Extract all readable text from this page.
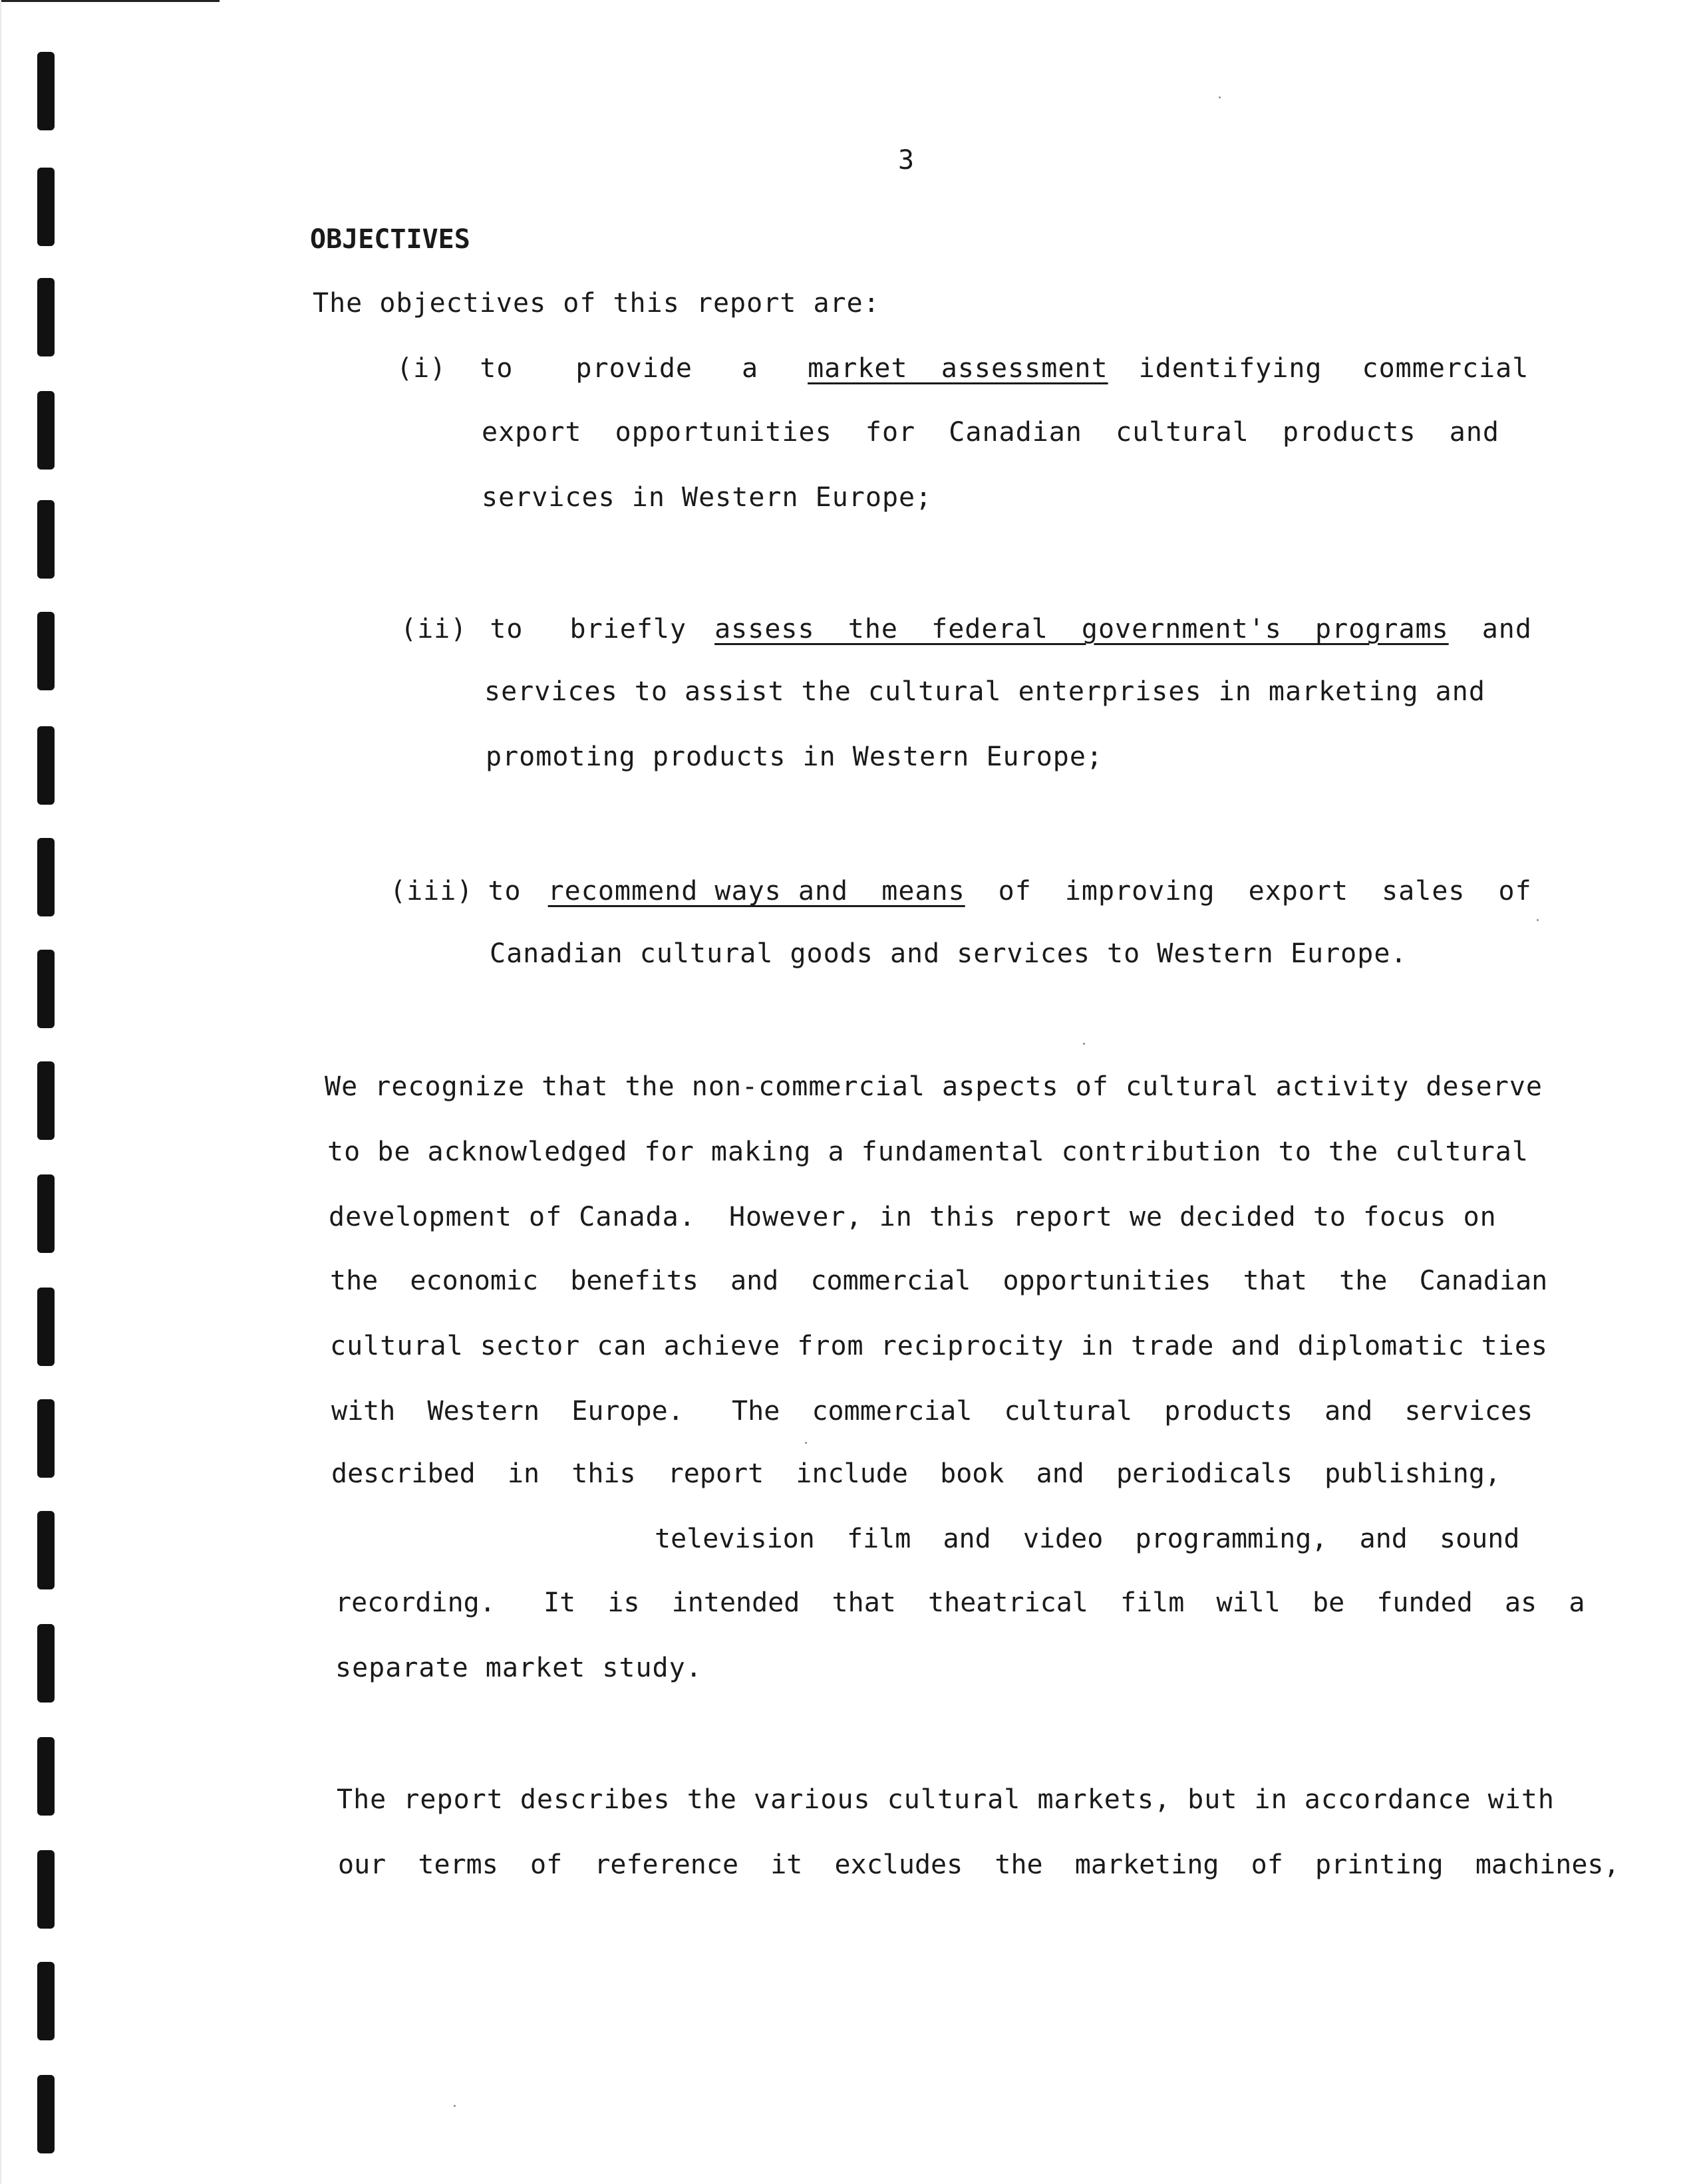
3
OBJECTIVES
The objectives of this report are:
(i) to provide a market  assessment identifying commercial
export  opportunities  for  Canadian  cultural  products  and
services in Western Europe;
(ii) to briefly assess  the  federal  government's  programs and
services to assist the cultural enterprises in marketing and
promoting products in Western Europe;
(iii) to recommend ways and  means of improving export sales of
Canadian cultural goods and services to Western Europe.
We recognize that the non-commercial aspects of cultural activity deserve
to be acknowledged for making a fundamental contribution to the cultural
development of Canada.  However, in this report we decided to focus on
the  economic  benefits  and  commercial  opportunities  that  the  Canadian
cultural sector can achieve from reciprocity in trade and diplomatic ties
with  Western  Europe.   The  commercial  cultural  products  and  services
described  in  this  report  include  book  and  periodicals  publishing,
television  film  and  video  programming,  and  sound
recording.   It  is  intended  that  theatrical  film  will  be  funded  as  a
separate market study.
The report describes the various cultural markets, but in accordance with
our  terms  of  reference  it  excludes  the  marketing  of  printing  machines,
